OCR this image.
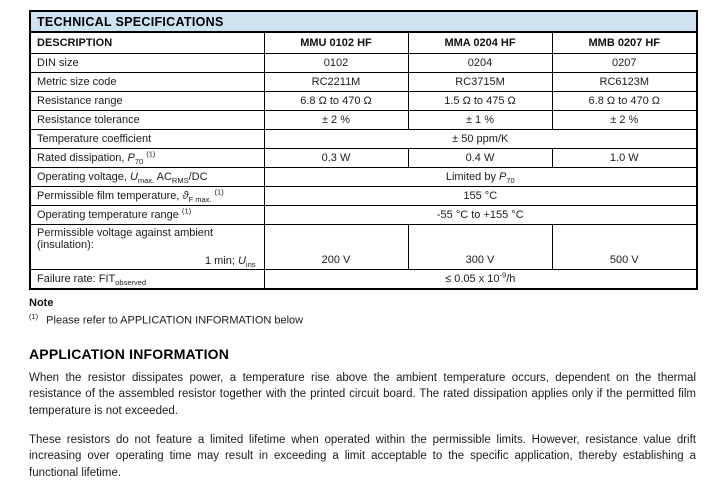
TECHNICAL SPECIFICATIONS			
DESCRIPTION	MMU 0102 HF	MMA 0204 HF	MMB 0207 HF
DIN size	0102	0204	0207
Metric size code	RC2211M	RC3715M	RC6123M
Resistance range	6.8 Ω to 470 Ω	1.5 Ω to 475 Ω	6.8 Ω to 470 Ω
Resistance tolerance	± 2 %	± 1 %	± 2 %
Temperature coefficient	± 50 ppm/K		
Rated dissipation, $P_{70}$ $^{(1)}$	0.3 W	0.4 W	1.0 W
Operating voltage, $U_{max.}$ $AC_{RMS}/DC$	Limited by $P_{70}$
Permissible film temperature, $ϑ_{F max.}$ $^{(1)}$	155 °C		
Operating temperature range $^{(1)}$	-55 °C to +155 °C		

Permissible voltage against ambient (insulation):
1 min; $U_{ins}$	200 V	300 V	500 V
Failure rate: $FIT_{observed}$	≤ 0.05 x $10^{-9}/h$		
Note
$^{(1)}$ Please refer to APPLICATION INFORMATION below
APPLICATION INFORMATION

When the resistor dissipates power, a temperature rise above the ambient temperature occurs, dependent on the thermal resistance of the assembled resistor together with the printed circuit board. The rated dissipation applies only if the permitted film temperature is not exceeded.

These resistors do not feature a limited lifetime when operated within the permissible limits. However, resistance value drift increasing over operating time may result in exceeding a limit acceptable to the specific application, thereby establishing a functional lifetime.
